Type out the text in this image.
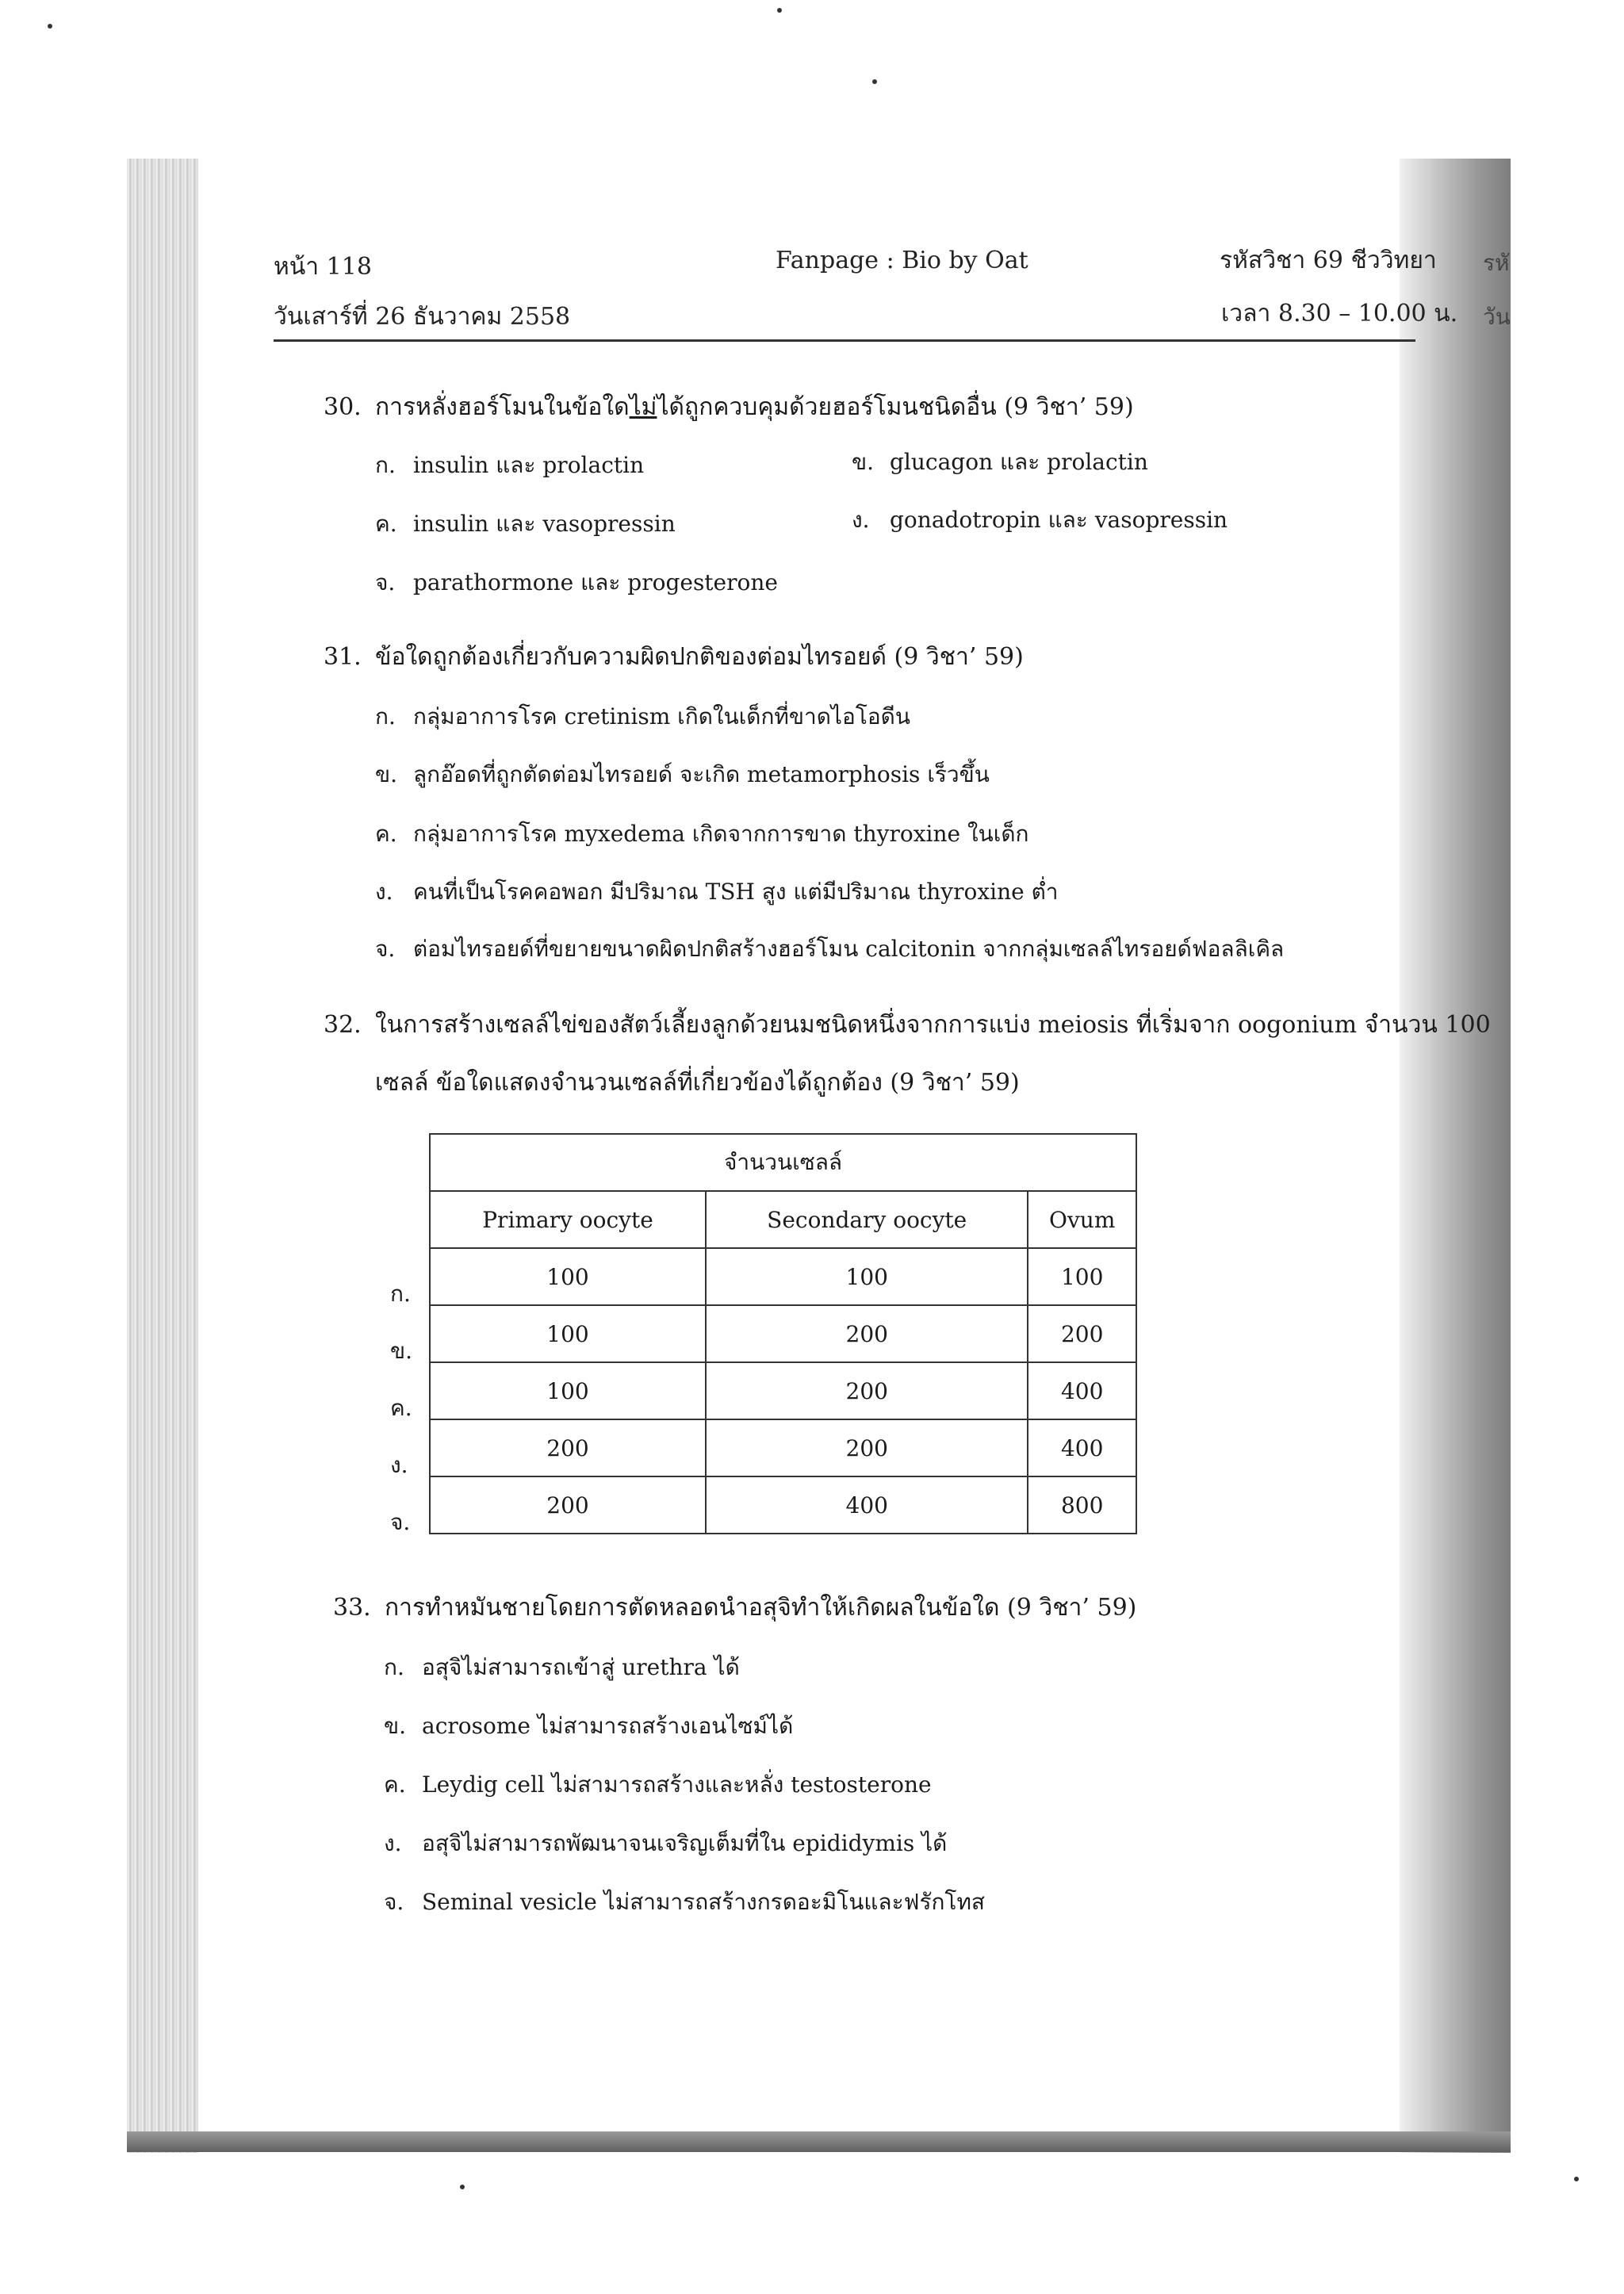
รหั
วัน
หน้า 118
วันเสาร์ที่ 26 ธันวาคม 2558
Fanpage : Bio by Oat	รหัสวิชา 69 ชีววิทยา
เวลา 8.30 – 10.00 น.
30. การหลั่งฮอร์โมนในข้อใดไม่ได้ถูกควบคุมด้วยฮอร์โมนชนิดอื่น (9 วิชา’ 59)
ก. insulin และ prolactin	ข. glucagon และ prolactin
ค. insulin และ vasopressin	ง. gonadotropin และ vasopressin
จ. parathormone และ progesterone
31. ข้อใดถูกต้องเกี่ยวกับความผิดปกติของต่อมไทรอยด์ (9 วิชา’ 59)
ก. กลุ่มอาการโรค cretinism เกิดในเด็กที่ขาดไอโอดีน
ข. ลูกอ๊อดที่ถูกตัดต่อมไทรอยด์ จะเกิด metamorphosis เร็วขึ้น
ค. กลุ่มอาการโรค myxedema เกิดจากการขาด thyroxine ในเด็ก
ง. คนที่เป็นโรคคอพอก มีปริมาณ TSH สูง แต่มีปริมาณ thyroxine ต่ำ
จ. ต่อมไทรอยด์ที่ขยายขนาดผิดปกติสร้างฮอร์โมน calcitonin จากกลุ่มเซลล์ไทรอยด์ฟอลลิเคิล
32. ในการสร้างเซลล์ไข่ของสัตว์เลี้ยงลูกด้วยนมชนิดหนึ่งจากการแบ่ง meiosis ที่เริ่มจาก oogonium จำนวน 100
เซลล์ ข้อใดแสดงจำนวนเซลล์ที่เกี่ยวข้องได้ถูกต้อง (9 วิชา’ 59)
จำนวนเซลล์		
Primary oocyte	Secondary oocyte	Ovum
100	100	100
100	200	200
100	200	400
200	200	400
200	400	800
ก.
ข.
ค.
ง.
จ.
33. การทำหมันชายโดยการตัดหลอดนำอสุจิทำให้เกิดผลในข้อใด (9 วิชา’ 59)
ก. อสุจิไม่สามารถเข้าสู่ urethra ได้
ข. acrosome ไม่สามารถสร้างเอนไซม์ได้
ค. Leydig cell ไม่สามารถสร้างและหลั่ง testosterone
ง. อสุจิไม่สามารถพัฒนาจนเจริญเต็มที่ใน epididymis ได้
จ. Seminal vesicle ไม่สามารถสร้างกรดอะมิโนและฟรักโทส
